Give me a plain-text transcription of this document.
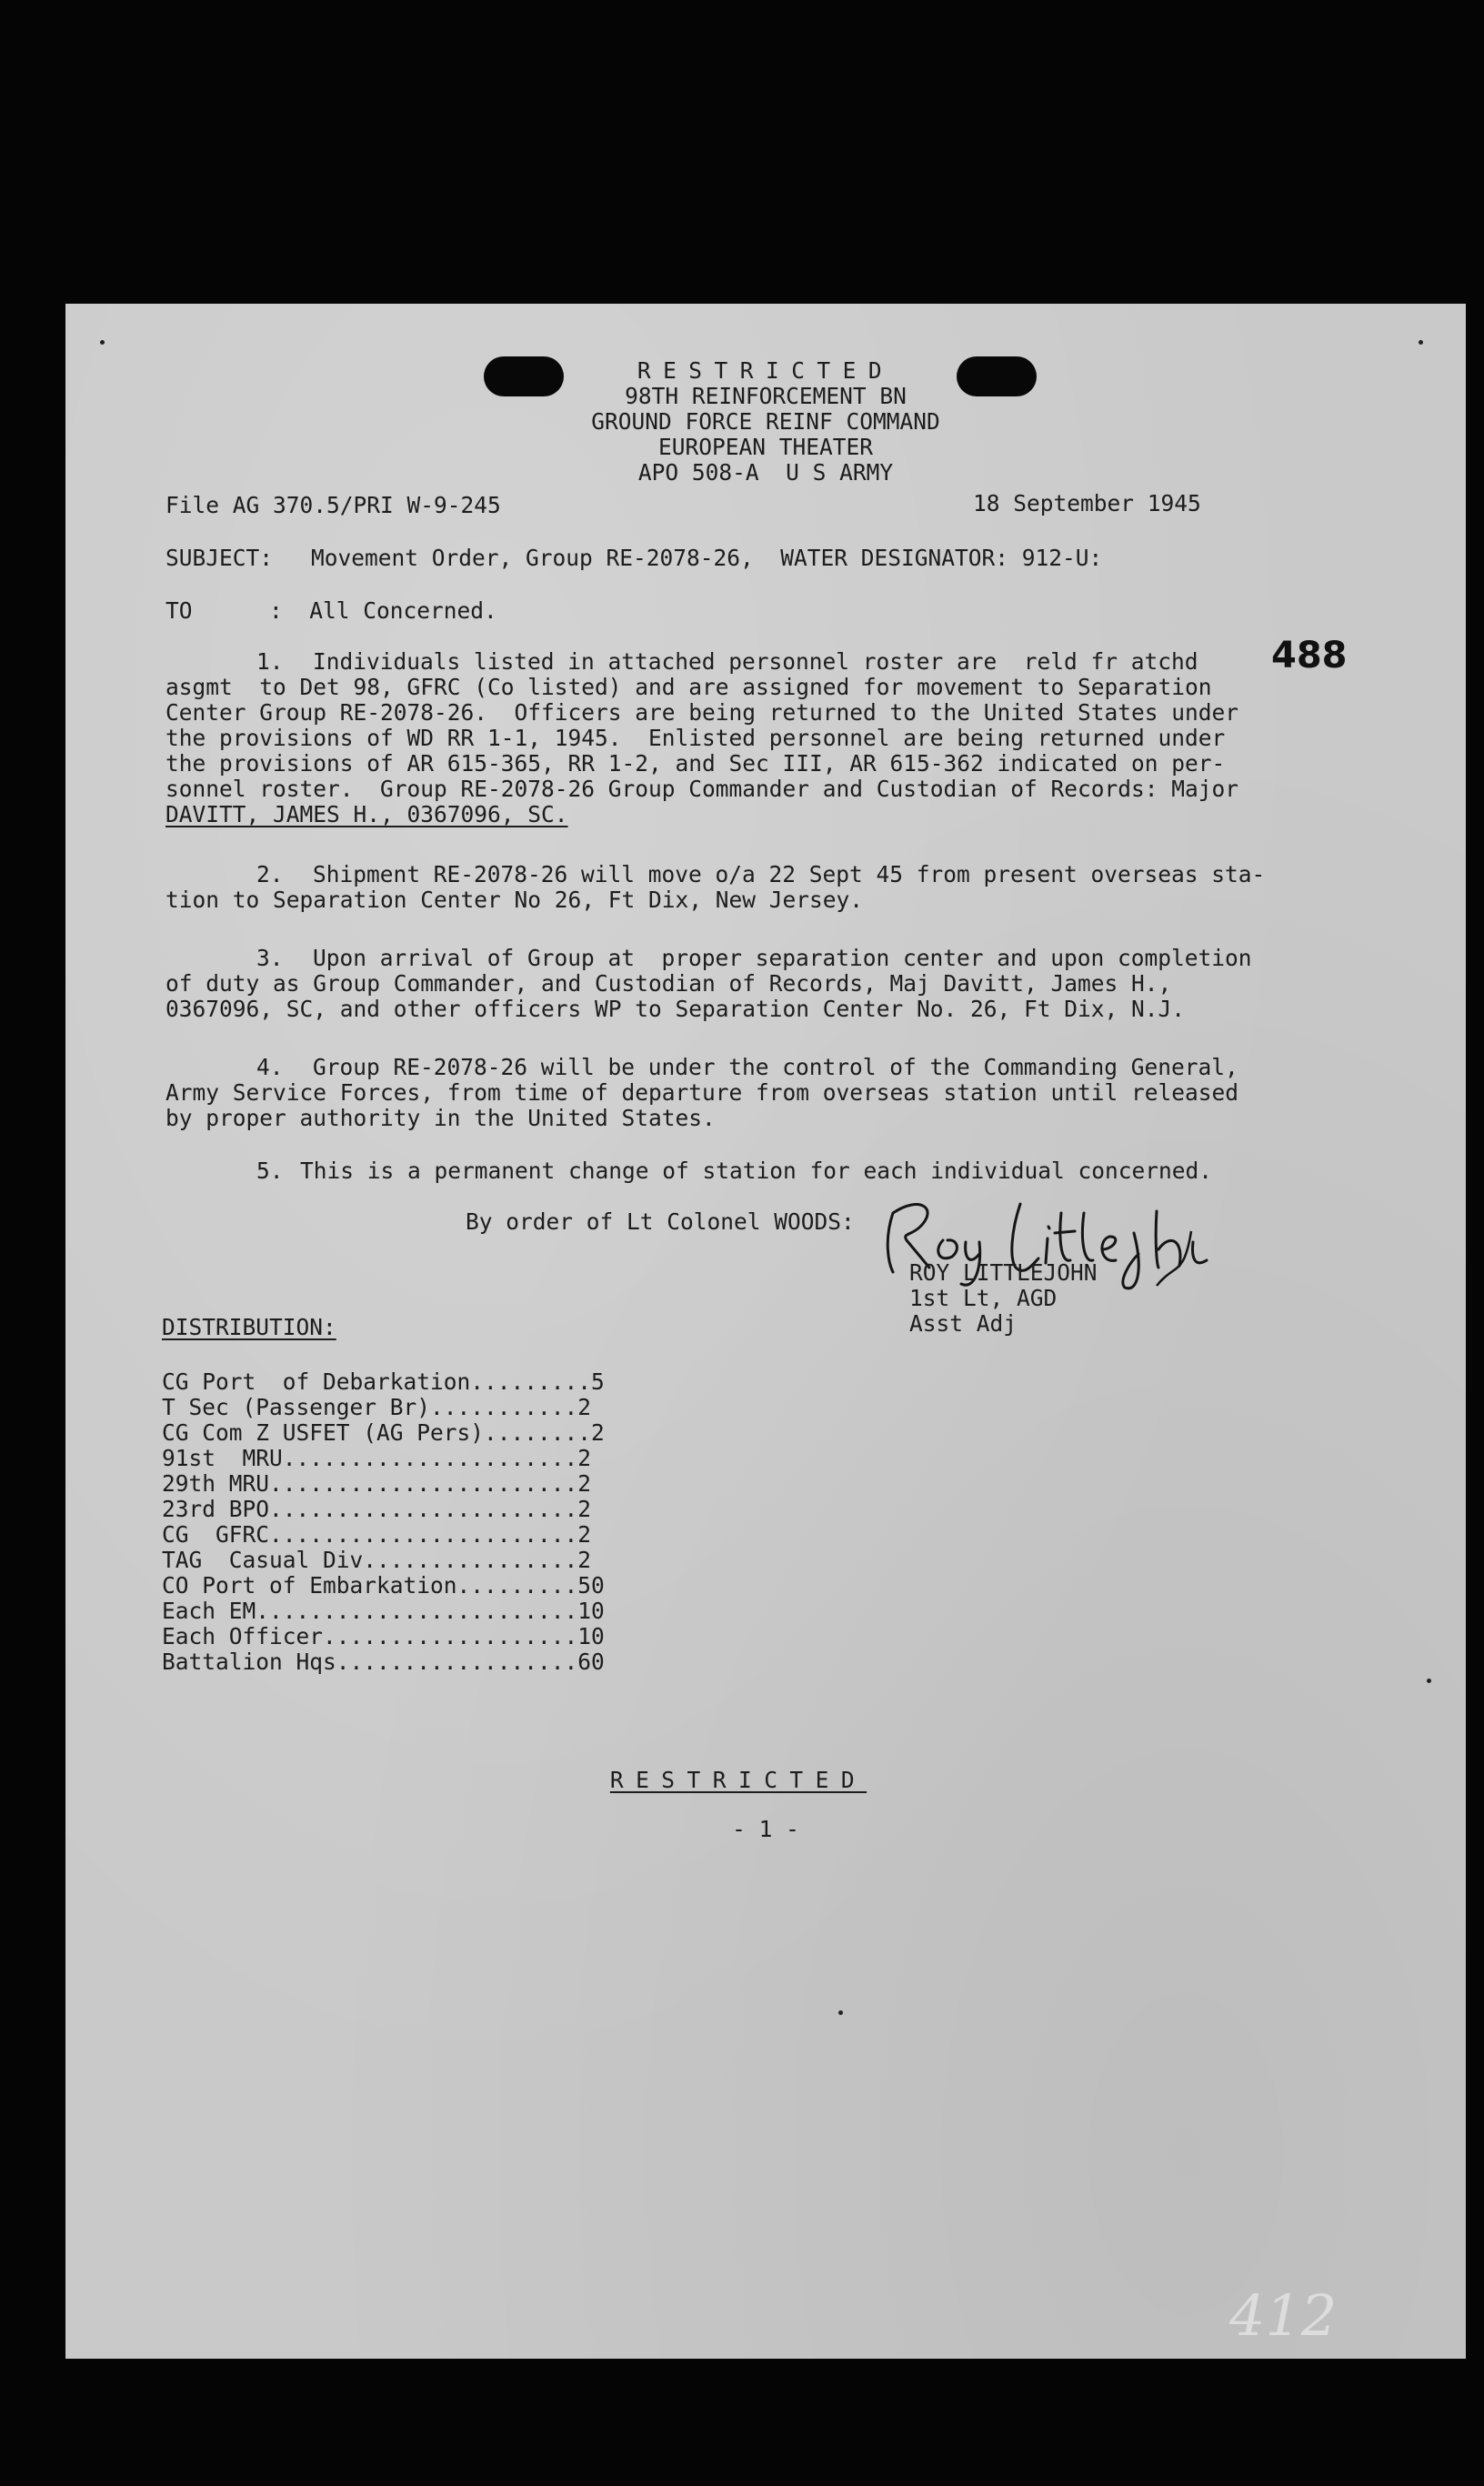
RESTRICTED
98TH REINFORCEMENT BN
GROUND FORCE REINF COMMAND
EUROPEAN THEATER
APO 508-A  U S ARMY
File AG 370.5/PRI W-9-245	18 September 1945
SUBJECT: Movement Order, Group RE-2078-26,  WATER DESIGNATOR: 912-U:
TO	:  All Concerned.
488
1. Individuals listed in attached personnel roster are  reld fr atchd
asgmt  to Det 98, GFRC (Co listed) and are assigned for movement to Separation
Center Group RE-2078-26.  Officers are being returned to the United States under
the provisions of WD RR 1-1, 1945.  Enlisted personnel are being returned under
the provisions of AR 615-365, RR 1-2, and Sec III, AR 615-362 indicated on per-
sonnel roster.  Group RE-2078-26 Group Commander and Custodian of Records: Major
DAVITT, JAMES H., 0367096, SC.
2. Shipment RE-2078-26 will move o/a 22 Sept 45 from present overseas sta-
tion to Separation Center No 26, Ft Dix, New Jersey.
3. Upon arrival of Group at  proper separation center and upon completion
of duty as Group Commander, and Custodian of Records, Maj Davitt, James H.,
0367096, SC, and other officers WP to Separation Center No. 26, Ft Dix, N.J.
4. Group RE-2078-26 will be under the control of the Commanding General,
Army Service Forces, from time of departure from overseas station until released
by proper authority in the United States.
5. This is a permanent change of station for each individual concerned.
By order of Lt Colonel WOODS:
ROY LITTLEJOHN
1st Lt, AGD
Asst Adj
DISTRIBUTION:
CG Port  of Debarkation.........5
T Sec (Passenger Br)...........2
CG Com Z USFET (AG Pers)........2
91st  MRU......................2
29th MRU.......................2
23rd BPO.......................2
CG  GFRC.......................2
TAG  Casual Div................2
CO Port of Embarkation.........50
Each EM........................10
Each Officer...................10
Battalion Hqs..................60
RESTRICTED
- 1 -
412
